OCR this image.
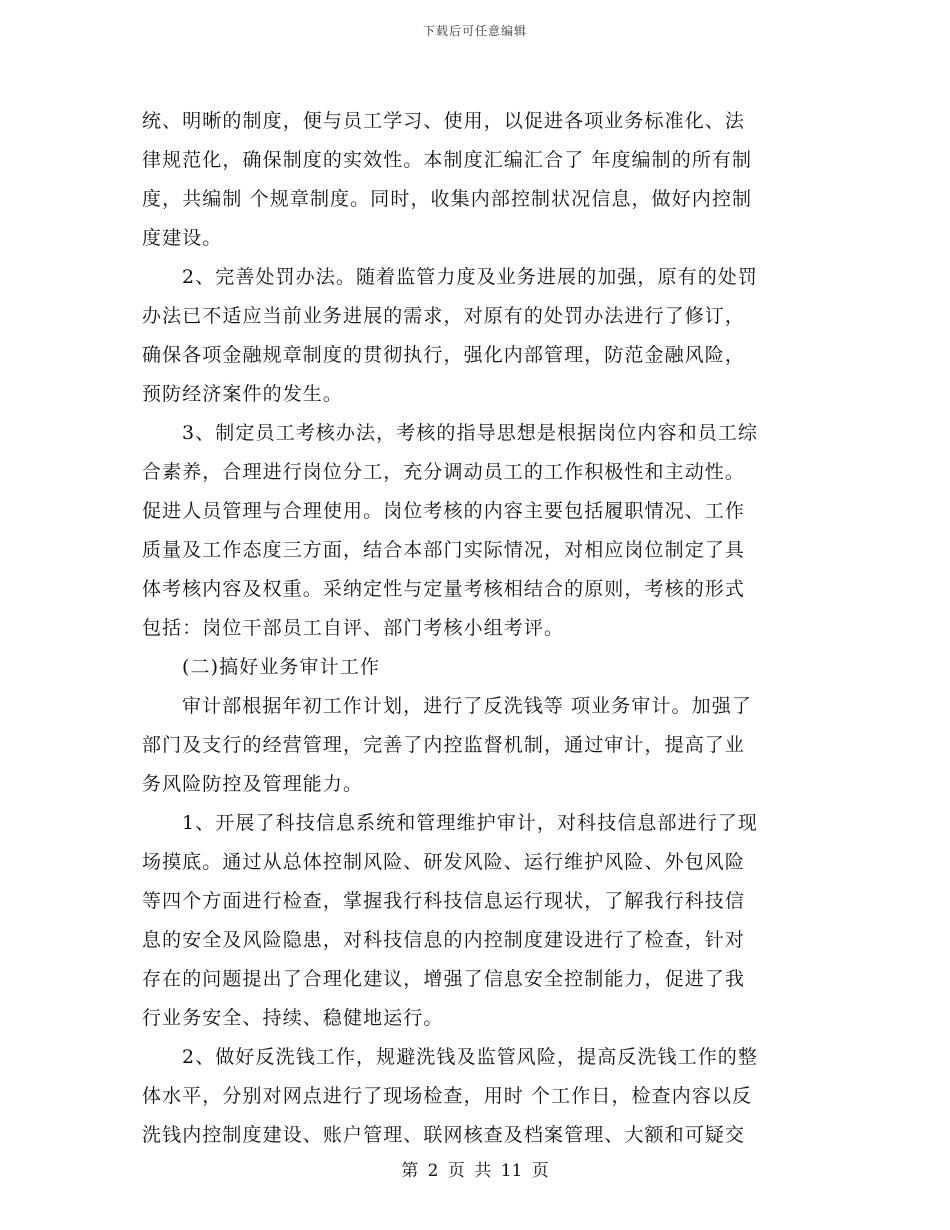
下载后可任意编辑
统、明晰的制度，便与员工学习、使用，以促进各项业务标准化、法
律规范化，确保制度的实效性。本制度汇编汇合了 年度编制的所有制
度，共编制 个规章制度。同时，收集内部控制状况信息，做好内控制
度建设。
2、完善处罚办法。随着监管力度及业务进展的加强，原有的处罚
办法已不适应当前业务进展的需求，对原有的处罚办法进行了修订，
确保各项金融规章制度的贯彻执行，强化内部管理，防范金融风险，
预防经济案件的发生。
3、制定员工考核办法，考核的指导思想是根据岗位内容和员工综
合素养，合理进行岗位分工，充分调动员工的工作积极性和主动性。
促进人员管理与合理使用。岗位考核的内容主要包括履职情况、工作
质量及工作态度三方面，结合本部门实际情况，对相应岗位制定了具
体考核内容及权重。采纳定性与定量考核相结合的原则，考核的形式
包括：岗位干部员工自评、部门考核小组考评。
(二)搞好业务审计工作
审计部根据年初工作计划，进行了反洗钱等 项业务审计。加强了
部门及支行的经营管理，完善了内控监督机制，通过审计，提高了业
务风险防控及管理能力。
1、开展了科技信息系统和管理维护审计，对科技信息部进行了现
场摸底。通过从总体控制风险、研发风险、运行维护风险、外包风险
等四个方面进行检查，掌握我行科技信息运行现状，了解我行科技信
息的安全及风险隐患，对科技信息的内控制度建设进行了检查，针对
存在的问题提出了合理化建议，增强了信息安全控制能力，促进了我
行业务安全、持续、稳健地运行。
2、做好反洗钱工作，规避洗钱及监管风险，提高反洗钱工作的整
体水平，分别对网点进行了现场检查，用时 个工作日，检查内容以反
洗钱内控制度建设、账户管理、联网核查及档案管理、大额和可疑交
第 2 页 共 11 页
